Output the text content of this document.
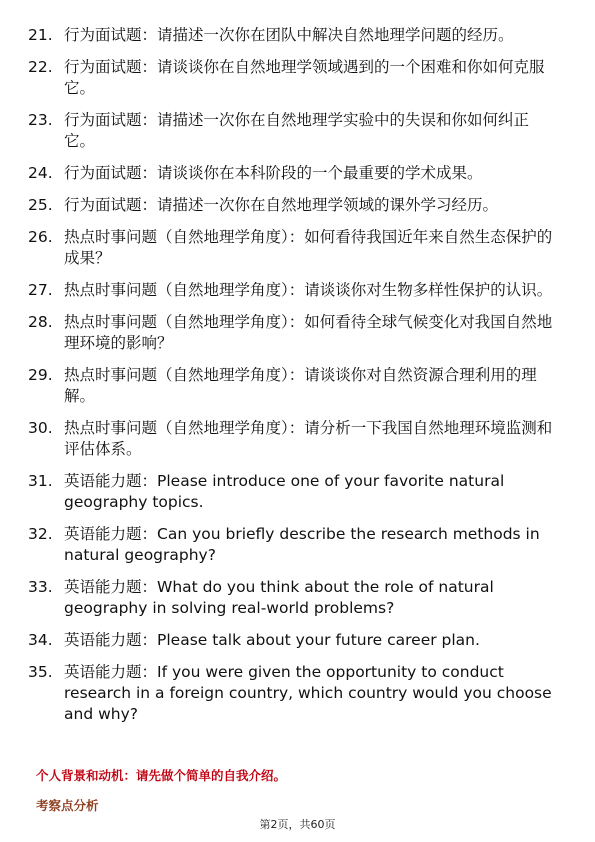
21. 行为面试题：请描述一次你在团队中解决自然地理学问题的经历。
22. 行为面试题：请谈谈你在自然地理学领域遇到的一个困难和你如何克服它。
23. 行为面试题：请描述一次你在自然地理学实验中的失误和你如何纠正它。
24. 行为面试题：请谈谈你在本科阶段的一个最重要的学术成果。
25. 行为面试题：请描述一次你在自然地理学领域的课外学习经历。
26. 热点时事问题（自然地理学角度）：如何看待我国近年来自然生态保护的成果？
27. 热点时事问题（自然地理学角度）：请谈谈你对生物多样性保护的认识。
28. 热点时事问题（自然地理学角度）：如何看待全球气候变化对我国自然地理环境的影响？
29. 热点时事问题（自然地理学角度）：请谈谈你对自然资源合理利用的理解。
30. 热点时事问题（自然地理学角度）：请分析一下我国自然地理环境监测和评估体系。
31. 英语能力题：Please introduce one of your favorite natural geography topics.
32. 英语能力题：Can you briefly describe the research methods in natural geography?
33. 英语能力题：What do you think about the role of natural geography in solving real-world problems?
34. 英语能力题：Please talk about your future career plan.
35. 英语能力题：If you were given the opportunity to conduct research in a foreign country, which country would you choose and why?
个人背景和动机：请先做个简单的自我介绍。
考察点分析
第2页，共60页
